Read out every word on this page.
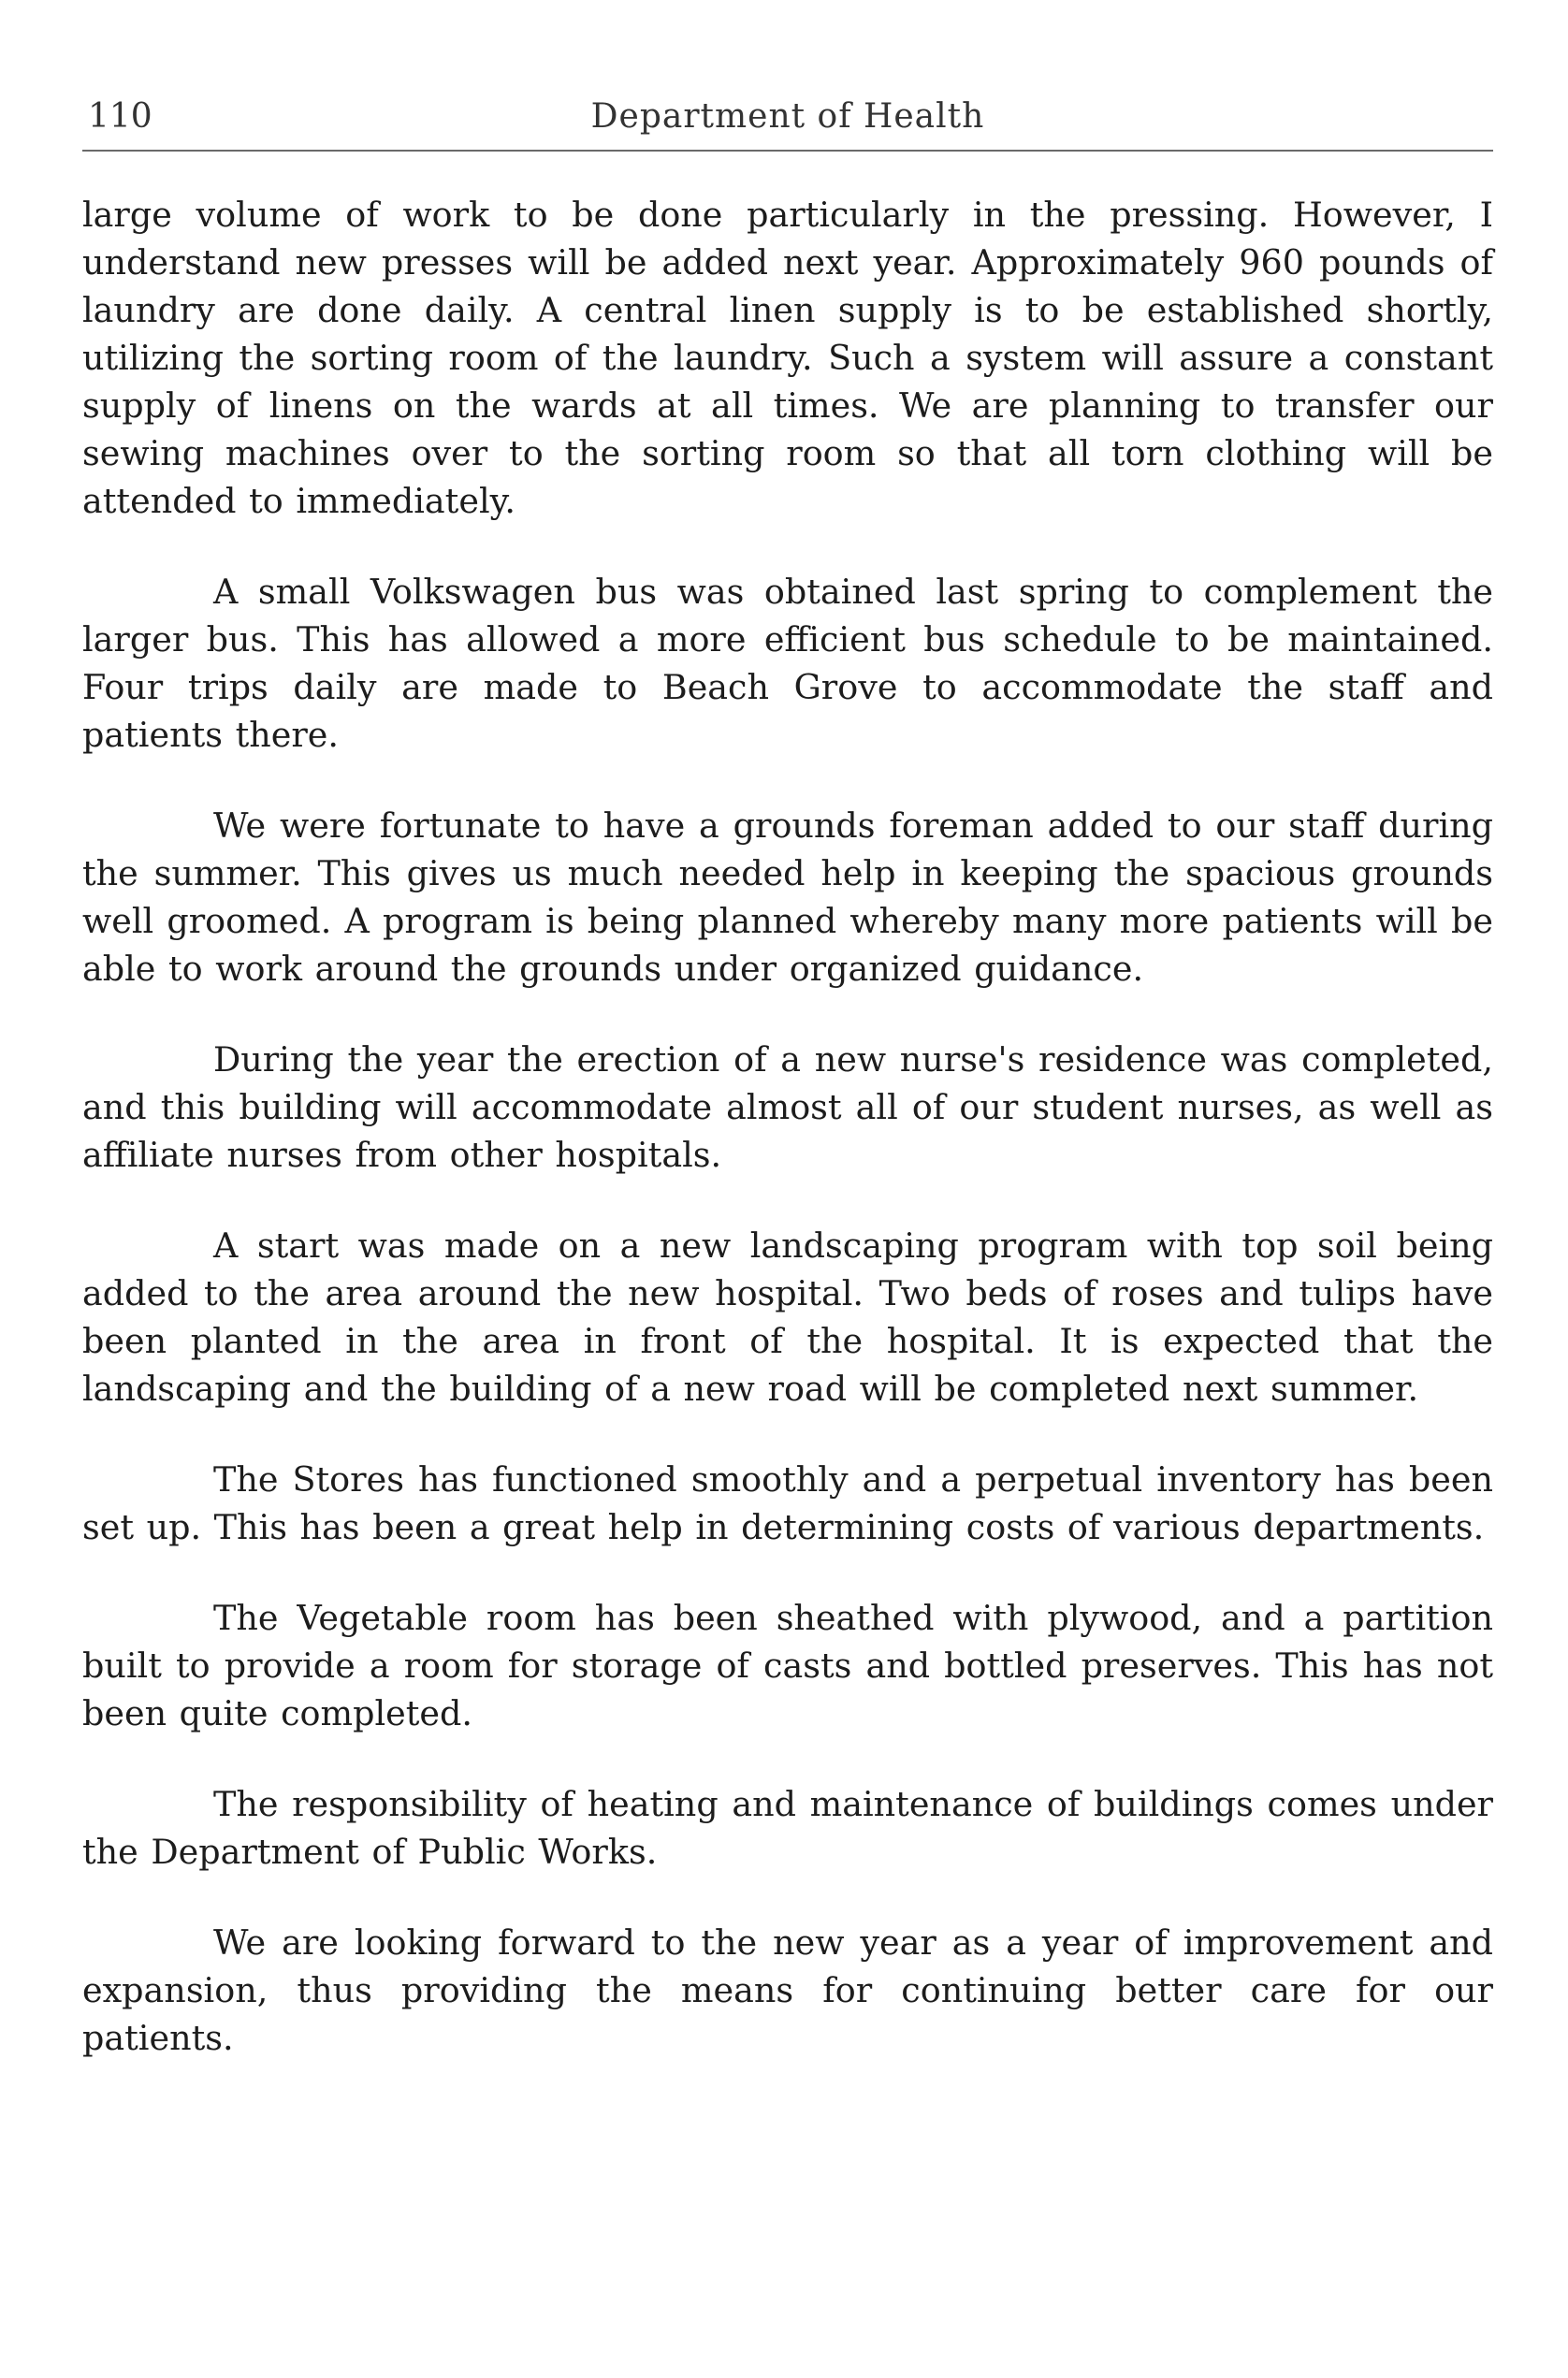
110	Department of Health

large volume of work to be done particularly in the pressing. However, I understand new presses will be added next year. Approximately 960 pounds of laundry are done daily. A central linen supply is to be established shortly, utilizing the sorting room of the laundry. Such a system will assure a constant supply of linens on the wards at all times. We are planning to transfer our sewing machines over to the sorting room so that all torn clothing will be attended to immediately.

A small Volkswagen bus was obtained last spring to complement the larger bus. This has allowed a more efficient bus schedule to be maintained. Four trips daily are made to Beach Grove to accommodate the staff and patients there.

We were fortunate to have a grounds foreman added to our staff during the summer. This gives us much needed help in keeping the spacious grounds well groomed. A program is being planned whereby many more patients will be able to work around the grounds under organized guidance.

During the year the erection of a new nurse's residence was completed, and this building will accommodate almost all of our student nurses, as well as affiliate nurses from other hospitals.

A start was made on a new landscaping program with top soil being added to the area around the new hospital. Two beds of roses and tulips have been planted in the area in front of the hospital. It is expected that the landscaping and the building of a new road will be completed next summer.

The Stores has functioned smoothly and a perpetual inventory has been set up. This has been a great help in determining costs of various departments.

The Vegetable room has been sheathed with plywood, and a partition built to provide a room for storage of casts and bottled preserves. This has not been quite completed.

The responsibility of heating and maintenance of buildings comes under the Department of Public Works.

We are looking forward to the new year as a year of improvement and expansion, thus providing the means for continuing better care for our patients.
